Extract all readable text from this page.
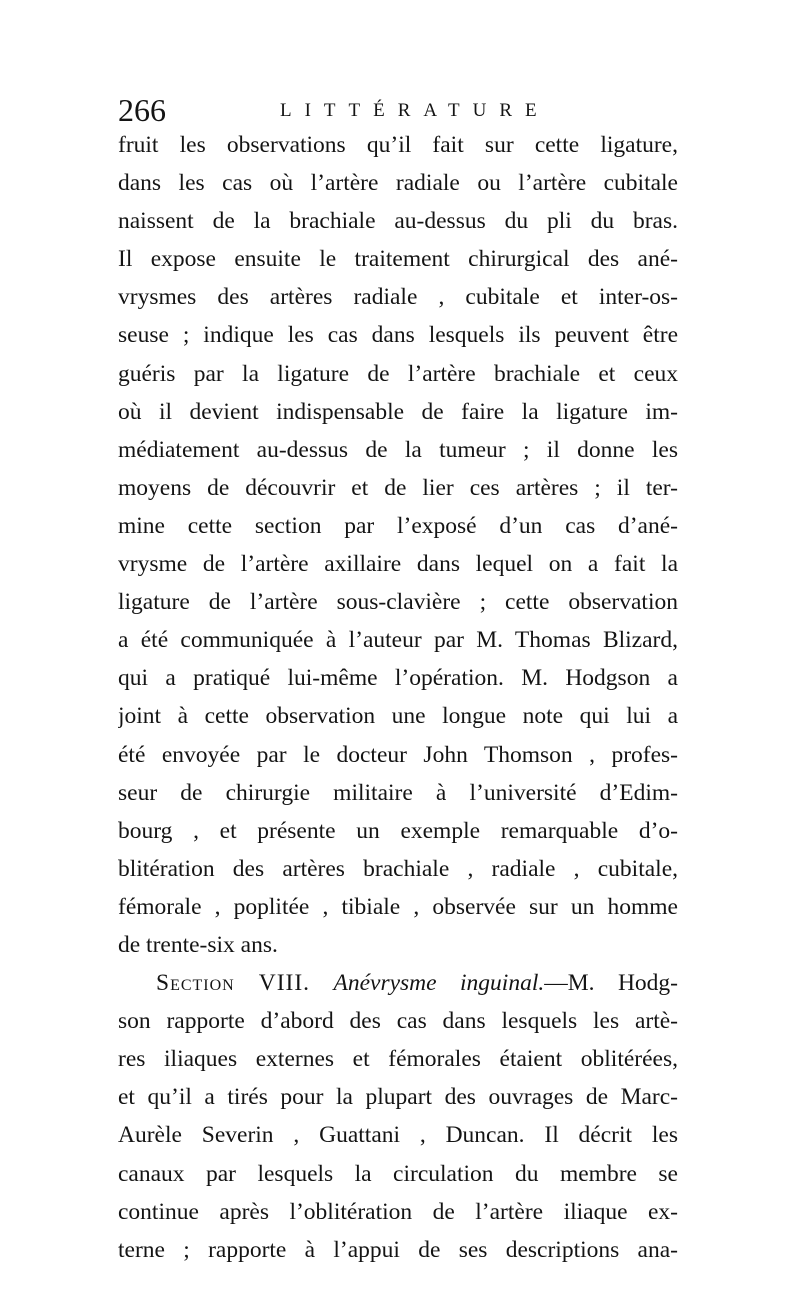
266	LITTÉRATURE
fruit les observations qu’il fait sur cette ligature,
dans les cas où l’artère radiale ou l’artère cubitale
naissent de la brachiale au-dessus du pli du bras.
Il expose ensuite le traitement chirurgical des ané-
vrysmes des artères radiale , cubitale et inter-os-
seuse ; indique les cas dans lesquels ils peuvent être
guéris par la ligature de l’artère brachiale et ceux
où il devient indispensable de faire la ligature im-
médiatement au-dessus de la tumeur ; il donne les
moyens de découvrir et de lier ces artères ; il ter-
mine cette section par l’exposé d’un cas d’ané-
vrysme de l’artère axillaire dans lequel on a fait la
ligature de l’artère sous-clavière ; cette observation
a été communiquée à l’auteur par M. Thomas Blizard,
qui a pratiqué lui-même l’opération. M. Hodgson a
joint à cette observation une longue note qui lui a
été envoyée par le docteur John Thomson , profes-
seur de chirurgie militaire à l’université d’Edim-
bourg , et présente un exemple remarquable d’o-
blitération des artères brachiale , radiale , cubitale,
fémorale , poplitée , tibiale , observée sur un homme
de trente-six ans.
Section VIII. Anévrysme inguinal.—M. Hodg-
son rapporte d’abord des cas dans lesquels les artè-
res iliaques externes et fémorales étaient oblitérées,
et qu’il a tirés pour la plupart des ouvrages de Marc-
Aurèle Severin , Guattani , Duncan. Il décrit les
canaux par lesquels la circulation du membre se
continue après l’oblitération de l’artère iliaque ex-
terne ; rapporte à l’appui de ses descriptions ana-
